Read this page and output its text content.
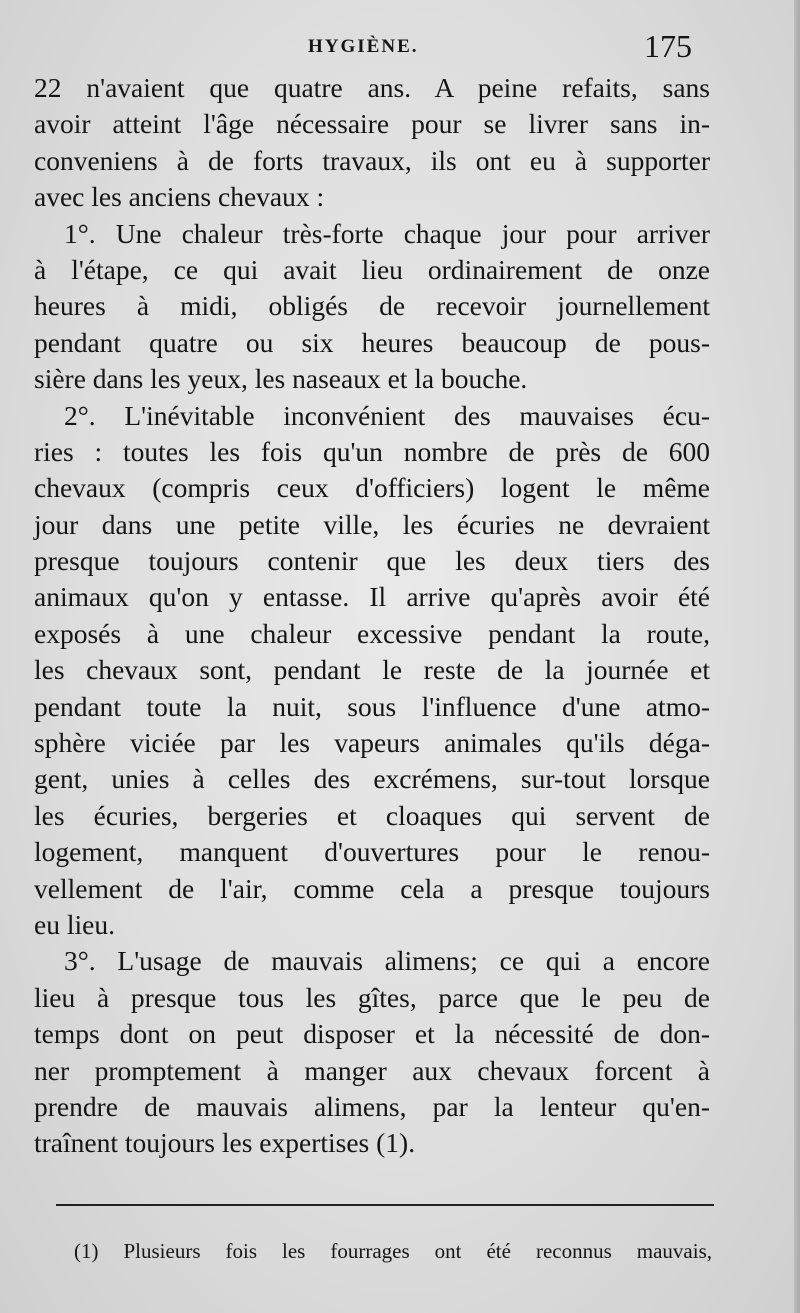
HYGIÈNE.	175
22 n'avaient que quatre ans. A peine refaits, sans
avoir atteint l'âge nécessaire pour se livrer sans in-
conveniens à de forts travaux, ils ont eu à supporter
avec les anciens chevaux :
1°. Une chaleur très-forte chaque jour pour arriver
à l'étape, ce qui avait lieu ordinairement de onze
heures à midi, obligés de recevoir journellement
pendant quatre ou six heures beaucoup de pous-
sière dans les yeux, les naseaux et la bouche.
2°. L'inévitable inconvénient des mauvaises écu-
ries : toutes les fois qu'un nombre de près de 600
chevaux (compris ceux d'officiers) logent le même
jour dans une petite ville, les écuries ne devraient
presque toujours contenir que les deux tiers des
animaux qu'on y entasse. Il arrive qu'après avoir été
exposés à une chaleur excessive pendant la route,
les chevaux sont, pendant le reste de la journée et
pendant toute la nuit, sous l'influence d'une atmo-
sphère viciée par les vapeurs animales qu'ils déga-
gent, unies à celles des excrémens, sur-tout lorsque
les écuries, bergeries et cloaques qui servent de
logement, manquent d'ouvertures pour le renou-
vellement de l'air, comme cela a presque toujours
eu lieu.
3°. L'usage de mauvais alimens; ce qui a encore
lieu à presque tous les gîtes, parce que le peu de
temps dont on peut disposer et la nécessité de don-
ner promptement à manger aux chevaux forcent à
prendre de mauvais alimens, par la lenteur qu'en-
traînent toujours les expertises (1).
(1) Plusieurs fois les fourrages ont été reconnus mauvais,
